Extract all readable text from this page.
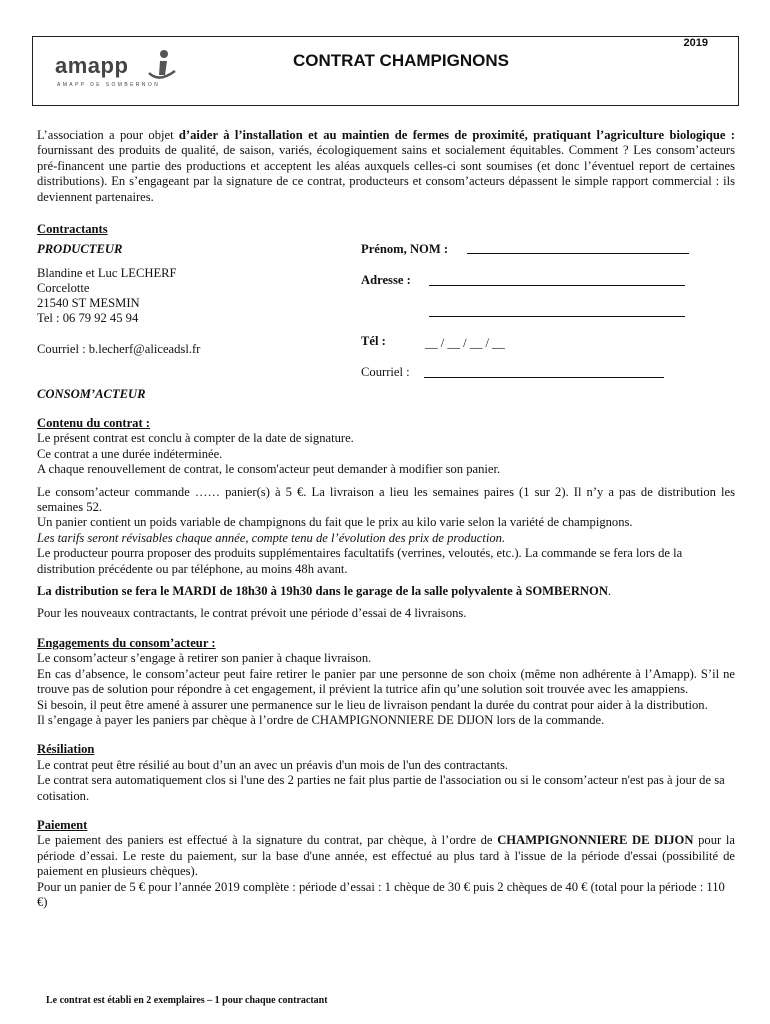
amapp
AMAPP DE SOMBERNON
CONTRAT CHAMPIGNONS
2019

L’association a pour objet d’aider à l’installation et au maintien de fermes de proximité, pratiquant l’agriculture biologique : fournissant des produits de qualité, de saison, variés, écologiquement sains et socialement équitables. Comment ? Les consom’acteurs pré-financent une partie des productions et acceptent les aléas auxquels celles-ci sont soumises (et donc l’éventuel report de certaines distributions). En s’engageant par la signature de ce contrat, producteurs et consom’acteurs dépassent le simple rapport commercial : ils deviennent partenaires.

Contractants
PRODUCTEUR
Blandine et Luc LECHERF
Corcelotte
21540 ST MESMIN
Tel : 06 79 92 45 94
Courriel : b.lecherf@aliceadsl.fr
CONSOM’ACTEUR
Prénom, NOM :
Adresse :
Tél :	__ / __ / __ / __
Courriel :

Contenu du contrat :

Le présent contrat est conclu à compter de la date de signature.

Ce contrat a une durée indéterminée.

A chaque renouvellement de contrat, le consom'acteur peut demander à modifier son panier.

Le consom’acteur commande …… panier(s) à 5 €. La livraison a lieu les semaines paires (1 sur 2). Il n’y a pas de distribution les semaines 52.

Un panier contient un poids variable de champignons du fait que le prix au kilo varie selon la variété de champignons.

Les tarifs seront révisables chaque année, compte tenu de l’évolution des prix de production.

Le producteur pourra proposer des produits supplémentaires facultatifs (verrines, veloutés, etc.). La commande se fera lors de la distribution précédente ou par téléphone, au moins 48h avant.

La distribution se fera le MARDI de 18h30 à 19h30 dans le garage de la salle polyvalente à SOMBERNON.

Pour les nouveaux contractants, le contrat prévoit une période d’essai de 4 livraisons.

Engagements du consom’acteur :

Le consom’acteur s’engage à retirer son panier à chaque livraison.

En cas d’absence, le consom’acteur peut faire retirer le panier par une personne de son choix (même non adhérente à l’Amapp). S’il ne trouve pas de solution pour répondre à cet engagement, il prévient la tutrice afin qu’une solution soit trouvée avec les amappiens.

Si besoin, il peut être amené à assurer une permanence sur le lieu de livraison pendant la durée du contrat pour aider à la distribution.

Il s’engage à payer les paniers par chèque à l’ordre de CHAMPIGNONNIERE DE DIJON lors de la commande.

Résiliation

Le contrat peut être résilié au bout d’un an avec un préavis d'un mois de l'un des contractants.

Le contrat sera automatiquement clos si l'une des 2 parties ne fait plus partie de l'association ou si le consom’acteur n'est pas à jour de sa cotisation.

Paiement

Le paiement des paniers est effectué à la signature du contrat, par chèque, à l’ordre de CHAMPIGNONNIERE DE DIJON pour la période d’essai. Le reste du paiement, sur la base d'une année, est effectué au plus tard à l'issue de la période d'essai (possibilité de paiement en plusieurs chèques).

Pour un panier de 5 € pour l’année 2019 complète : période d’essai : 1 chèque de 30 € puis 2 chèques de 40 € (total pour la période : 110 €)

Le contrat est établi en 2 exemplaires – 1 pour chaque contractant
